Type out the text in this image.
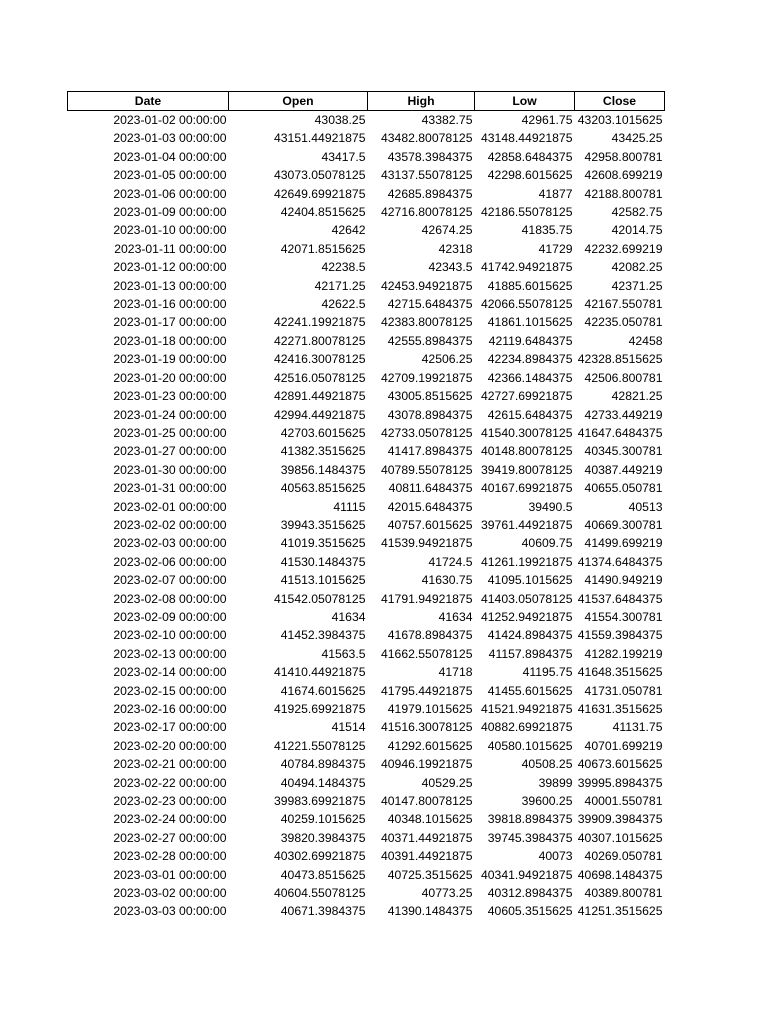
Date	Open	High	Low	Close
2023-01-02 00:00:00	43038.25	43382.75	42961.75	43203.1015625
2023-01-03 00:00:00	43151.44921875	43482.80078125	43148.44921875	43425.25
2023-01-04 00:00:00	43417.5	43578.3984375	42858.6484375	42958.800781
2023-01-05 00:00:00	43073.05078125	43137.55078125	42298.6015625	42608.699219
2023-01-06 00:00:00	42649.69921875	42685.8984375	41877	42188.800781
2023-01-09 00:00:00	42404.8515625	42716.80078125	42186.55078125	42582.75
2023-01-10 00:00:00	42642	42674.25	41835.75	42014.75
2023-01-11 00:00:00	42071.8515625	42318	41729	42232.699219
2023-01-12 00:00:00	42238.5	42343.5	41742.94921875	42082.25
2023-01-13 00:00:00	42171.25	42453.94921875	41885.6015625	42371.25
2023-01-16 00:00:00	42622.5	42715.6484375	42066.55078125	42167.550781
2023-01-17 00:00:00	42241.19921875	42383.80078125	41861.1015625	42235.050781
2023-01-18 00:00:00	42271.80078125	42555.8984375	42119.6484375	42458
2023-01-19 00:00:00	42416.30078125	42506.25	42234.8984375	42328.8515625
2023-01-20 00:00:00	42516.05078125	42709.19921875	42366.1484375	42506.800781
2023-01-23 00:00:00	42891.44921875	43005.8515625	42727.69921875	42821.25
2023-01-24 00:00:00	42994.44921875	43078.8984375	42615.6484375	42733.449219
2023-01-25 00:00:00	42703.6015625	42733.05078125	41540.30078125	41647.6484375
2023-01-27 00:00:00	41382.3515625	41417.8984375	40148.80078125	40345.300781
2023-01-30 00:00:00	39856.1484375	40789.55078125	39419.80078125	40387.449219
2023-01-31 00:00:00	40563.8515625	40811.6484375	40167.69921875	40655.050781
2023-02-01 00:00:00	41115	42015.6484375	39490.5	40513
2023-02-02 00:00:00	39943.3515625	40757.6015625	39761.44921875	40669.300781
2023-02-03 00:00:00	41019.3515625	41539.94921875	40609.75	41499.699219
2023-02-06 00:00:00	41530.1484375	41724.5	41261.19921875	41374.6484375
2023-02-07 00:00:00	41513.1015625	41630.75	41095.1015625	41490.949219
2023-02-08 00:00:00	41542.05078125	41791.94921875	41403.05078125	41537.6484375
2023-02-09 00:00:00	41634	41634	41252.94921875	41554.300781
2023-02-10 00:00:00	41452.3984375	41678.8984375	41424.8984375	41559.3984375
2023-02-13 00:00:00	41563.5	41662.55078125	41157.8984375	41282.199219
2023-02-14 00:00:00	41410.44921875	41718	41195.75	41648.3515625
2023-02-15 00:00:00	41674.6015625	41795.44921875	41455.6015625	41731.050781
2023-02-16 00:00:00	41925.69921875	41979.1015625	41521.94921875	41631.3515625
2023-02-17 00:00:00	41514	41516.30078125	40882.69921875	41131.75
2023-02-20 00:00:00	41221.55078125	41292.6015625	40580.1015625	40701.699219
2023-02-21 00:00:00	40784.8984375	40946.19921875	40508.25	40673.6015625
2023-02-22 00:00:00	40494.1484375	40529.25	39899	39995.8984375
2023-02-23 00:00:00	39983.69921875	40147.80078125	39600.25	40001.550781
2023-02-24 00:00:00	40259.1015625	40348.1015625	39818.8984375	39909.3984375
2023-02-27 00:00:00	39820.3984375	40371.44921875	39745.3984375	40307.1015625
2023-02-28 00:00:00	40302.69921875	40391.44921875	40073	40269.050781
2023-03-01 00:00:00	40473.8515625	40725.3515625	40341.94921875	40698.1484375
2023-03-02 00:00:00	40604.55078125	40773.25	40312.8984375	40389.800781
2023-03-03 00:00:00	40671.3984375	41390.1484375	40605.3515625	41251.3515625
